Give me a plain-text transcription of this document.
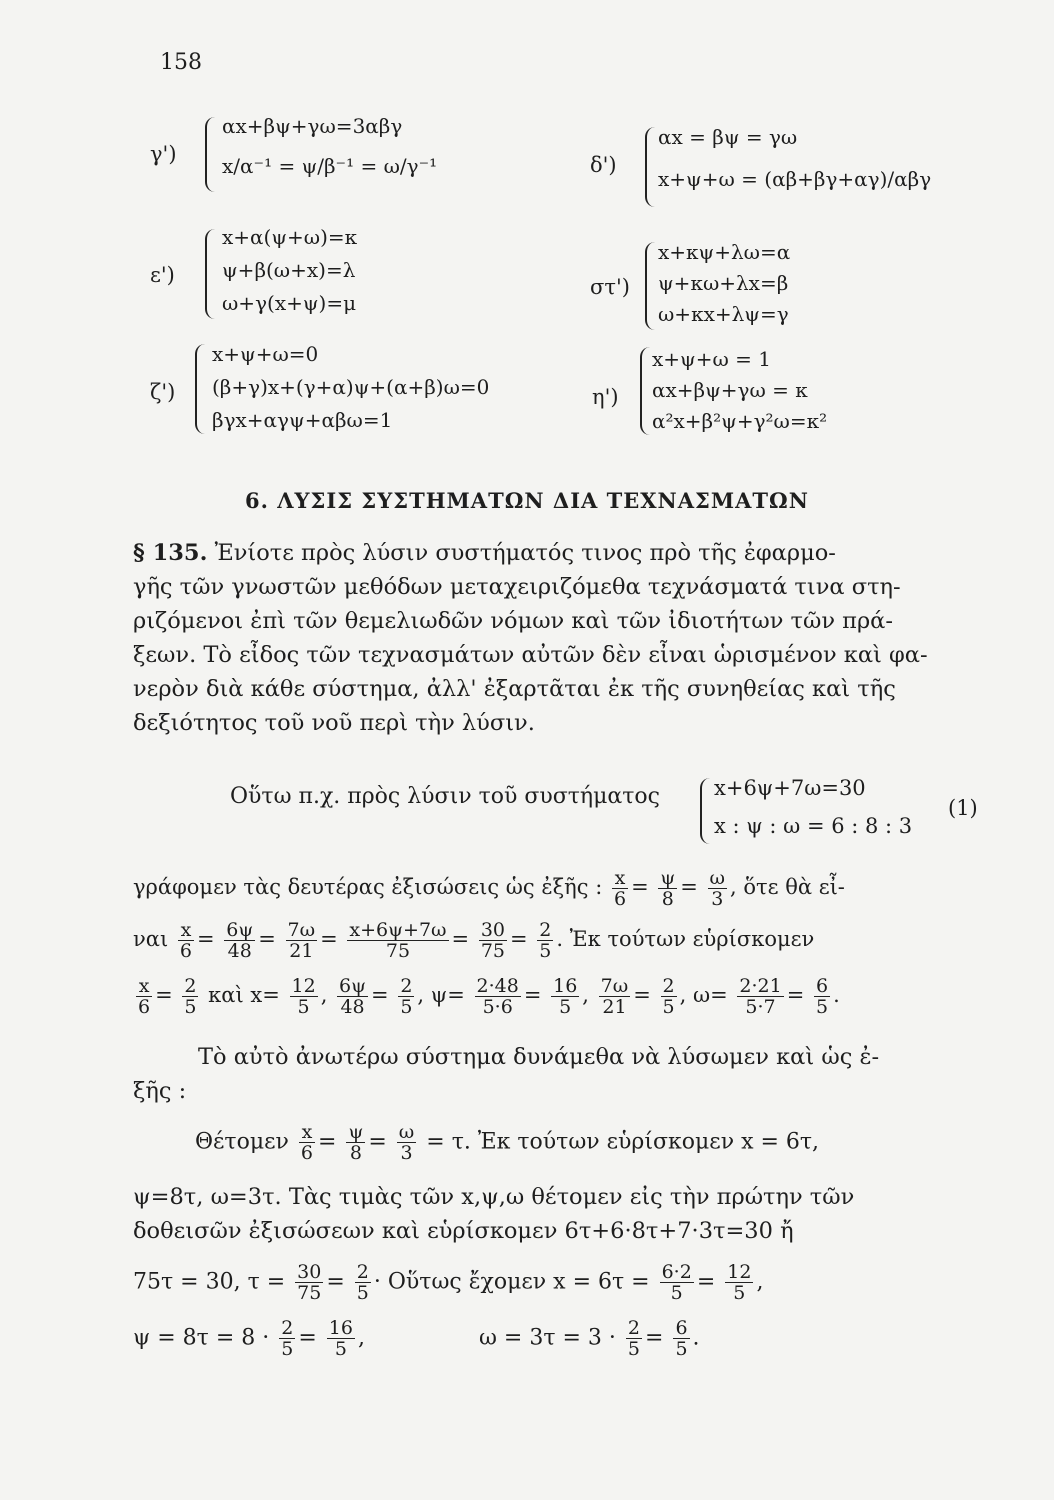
158
γ')
αx+βψ+γω=3αβγ
x/α⁻¹ = ψ/β⁻¹ = ω/γ⁻¹	δ')
αx = βψ = γω
x+ψ+ω = (αβ+βγ+αγ)/αβγ
ε')
x+α(ψ+ω)=κ
ψ+β(ω+x)=λ
ω+γ(x+ψ)=μ
στ')
x+κψ+λω=α
ψ+κω+λx=β
ω+κx+λψ=γ
ζ')
x+ψ+ω=0
(β+γ)x+(γ+α)ψ+(α+β)ω=0
βγx+αγψ+αβω=1
η')
x+ψ+ω = 1
αx+βψ+γω = κ
α²x+β²ψ+γ²ω=κ²
6. ΛΥΣΙΣ ΣΥΣΤΗΜΑΤΩΝ ΔΙΑ ΤΕΧΝΑΣΜΑΤΩΝ
§ 135. Ἐνίοτε πρὸς λύσιν συστήματός τινος πρὸ τῆς ἐφαρμο-
γῆς τῶν γνωστῶν μεθόδων μεταχειριζόμεθα τεχνάσματά τινα στη-
ριζόμενοι ἐπὶ τῶν θεμελιωδῶν νόμων καὶ τῶν ἰδιοτήτων τῶν πρά-
ξεων. Τὸ εἶδος τῶν τεχνασμάτων αὐτῶν δὲν εἶναι ὡρισμένον καὶ φα-
νερὸν διὰ κάθε σύστημα, ἀλλ' ἐξαρτᾶται ἐκ τῆς συνηθείας καὶ τῆς
δεξιότητος τοῦ νοῦ περὶ τὴν λύσιν.
Οὕτω π.χ. πρὸς λύσιν τοῦ συστήματος	x+6ψ+7ω=30
x : ψ : ω = 6 : 8 : 3
(1)
γράφομεν τὰς δευτέρας ἐξισώσεις ὡς ἐξῆς : $\frac{x}{6} = \frac{\psi}{8} = \frac{\omega}{3}$ , ὅτε θὰ εἶ-
ναι $\frac{x}{6} = \frac{6\psi}{48} = \frac{7\omega}{21} = \frac{x+6\psi+7\omega}{75} = \frac{30}{75} = \frac{2}{5}$ . Ἐκ τούτων εὑρίσκομεν
$\frac{x}{6} = \frac{2}{5}$ καὶ $x= \frac{12}{5}$ , $\frac{6\psi}{48} = \frac{2}{5}$ , $\psi= \frac{2\cdot 48}{5\cdot 6} = \frac{16}{5}$ , $\frac{7\omega}{21} = \frac{2}{5}$ , $\omega= \frac{2\cdot 21}{5\cdot 7} = \frac{6}{5}$ .
Τὸ αὐτὸ ἀνωτέρω σύστημα δυνάμεθα νὰ λύσωμεν καὶ ὡς ἐ-
ξῆς :
Θέτομεν $\frac{x}{6} = \frac{\psi}{8} = \frac{\omega}{3} = \tau$. Ἐκ τούτων εὑρίσκομεν x = 6τ,
ψ=8τ, ω=3τ. Τὰς τιμὰς τῶν x,ψ,ω θέτομεν εἰς τὴν πρώτην τῶν
δοθεισῶν ἐξισώσεων καὶ εὑρίσκομεν 6τ+6·8τ+7·3τ=30 ἤ
75τ = 30, $\tau = \frac{30}{75} = \frac{2}{5}$ · Οὕτως ἔχομεν $x = 6\tau = \frac{6\cdot 2}{5} = \frac{12}{5}$ ,
$\psi = 8\tau = 8 \cdot \frac{2}{5} = \frac{16}{5}$ ,	$\omega = 3\tau = 3 \cdot \frac{2}{5} = \frac{6}{5}$ .
